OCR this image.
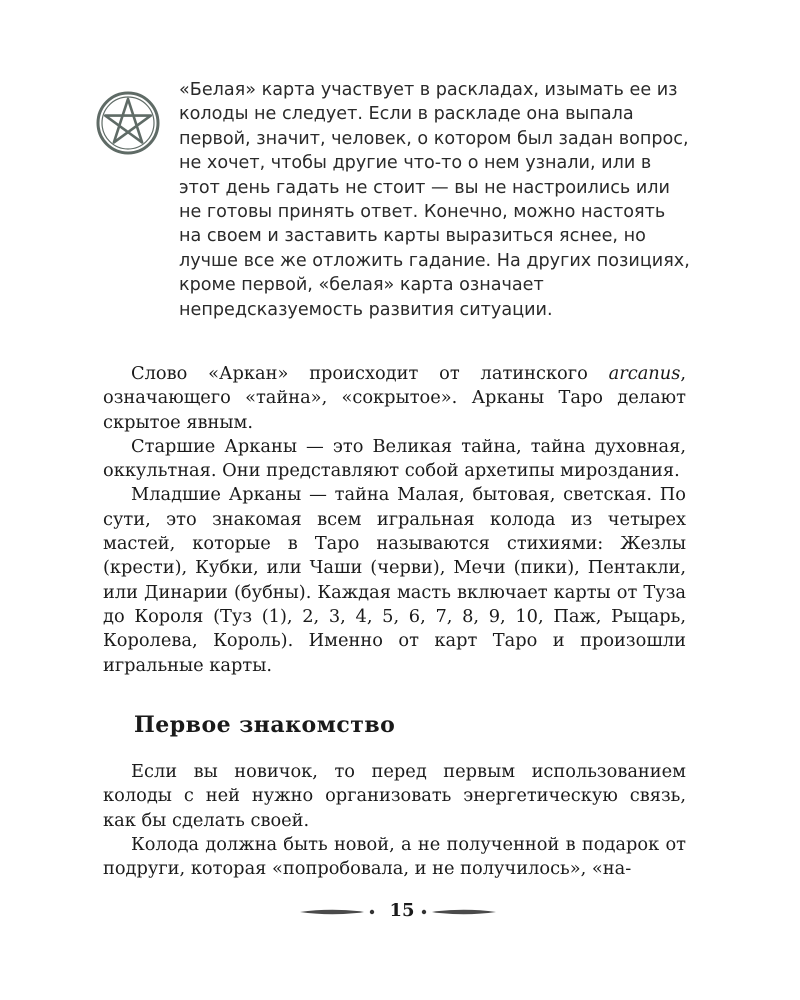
«Белая» карта участвует в раскладах, изымать ее из колоды не следует. Если в раскладе она выпала первой, значит, человек, о котором был задан вопрос, не хочет, чтобы другие что-то о нем узнали, или в этот день гадать не стоит — вы не настроились или не готовы принять ответ. Конечно, можно настоять на своем и заставить карты выразиться яснее, но лучше все же отложить гадание. На других позициях, кроме первой, «белая» карта означает непредсказуемость развития ситуации.

Слово «Аркан» происходит от латинского arcanus, означающего «тайна», «сокрытое». Арканы Таро делают скрытое явным.

Старшие Арканы — это Великая тайна, тайна духовная, оккультная. Они представляют собой архетипы мироздания.

Младшие Арканы — тайна Малая, бытовая, светская. По сути, это знакомая всем игральная колода из четырех мастей, которые в Таро называются стихиями: Жезлы (крести), Кубки, или Чаши (черви), Мечи (пики), Пентакли, или Динарии (бубны). Каждая масть включает карты от Туза до Короля (Туз (1), 2, 3, 4, 5, 6, 7, 8, 9, 10, Паж, Рыцарь, Королева, Король). Именно от карт Таро и произошли игральные карты.

Первое знакомство

Если вы новичок, то перед первым использованием колоды с ней нужно организовать энергетическую связь, как бы сделать своей.

Колода должна быть новой, а не полученной в подарок от подруги, которая «попробовала, и не получилось», «на-

15
